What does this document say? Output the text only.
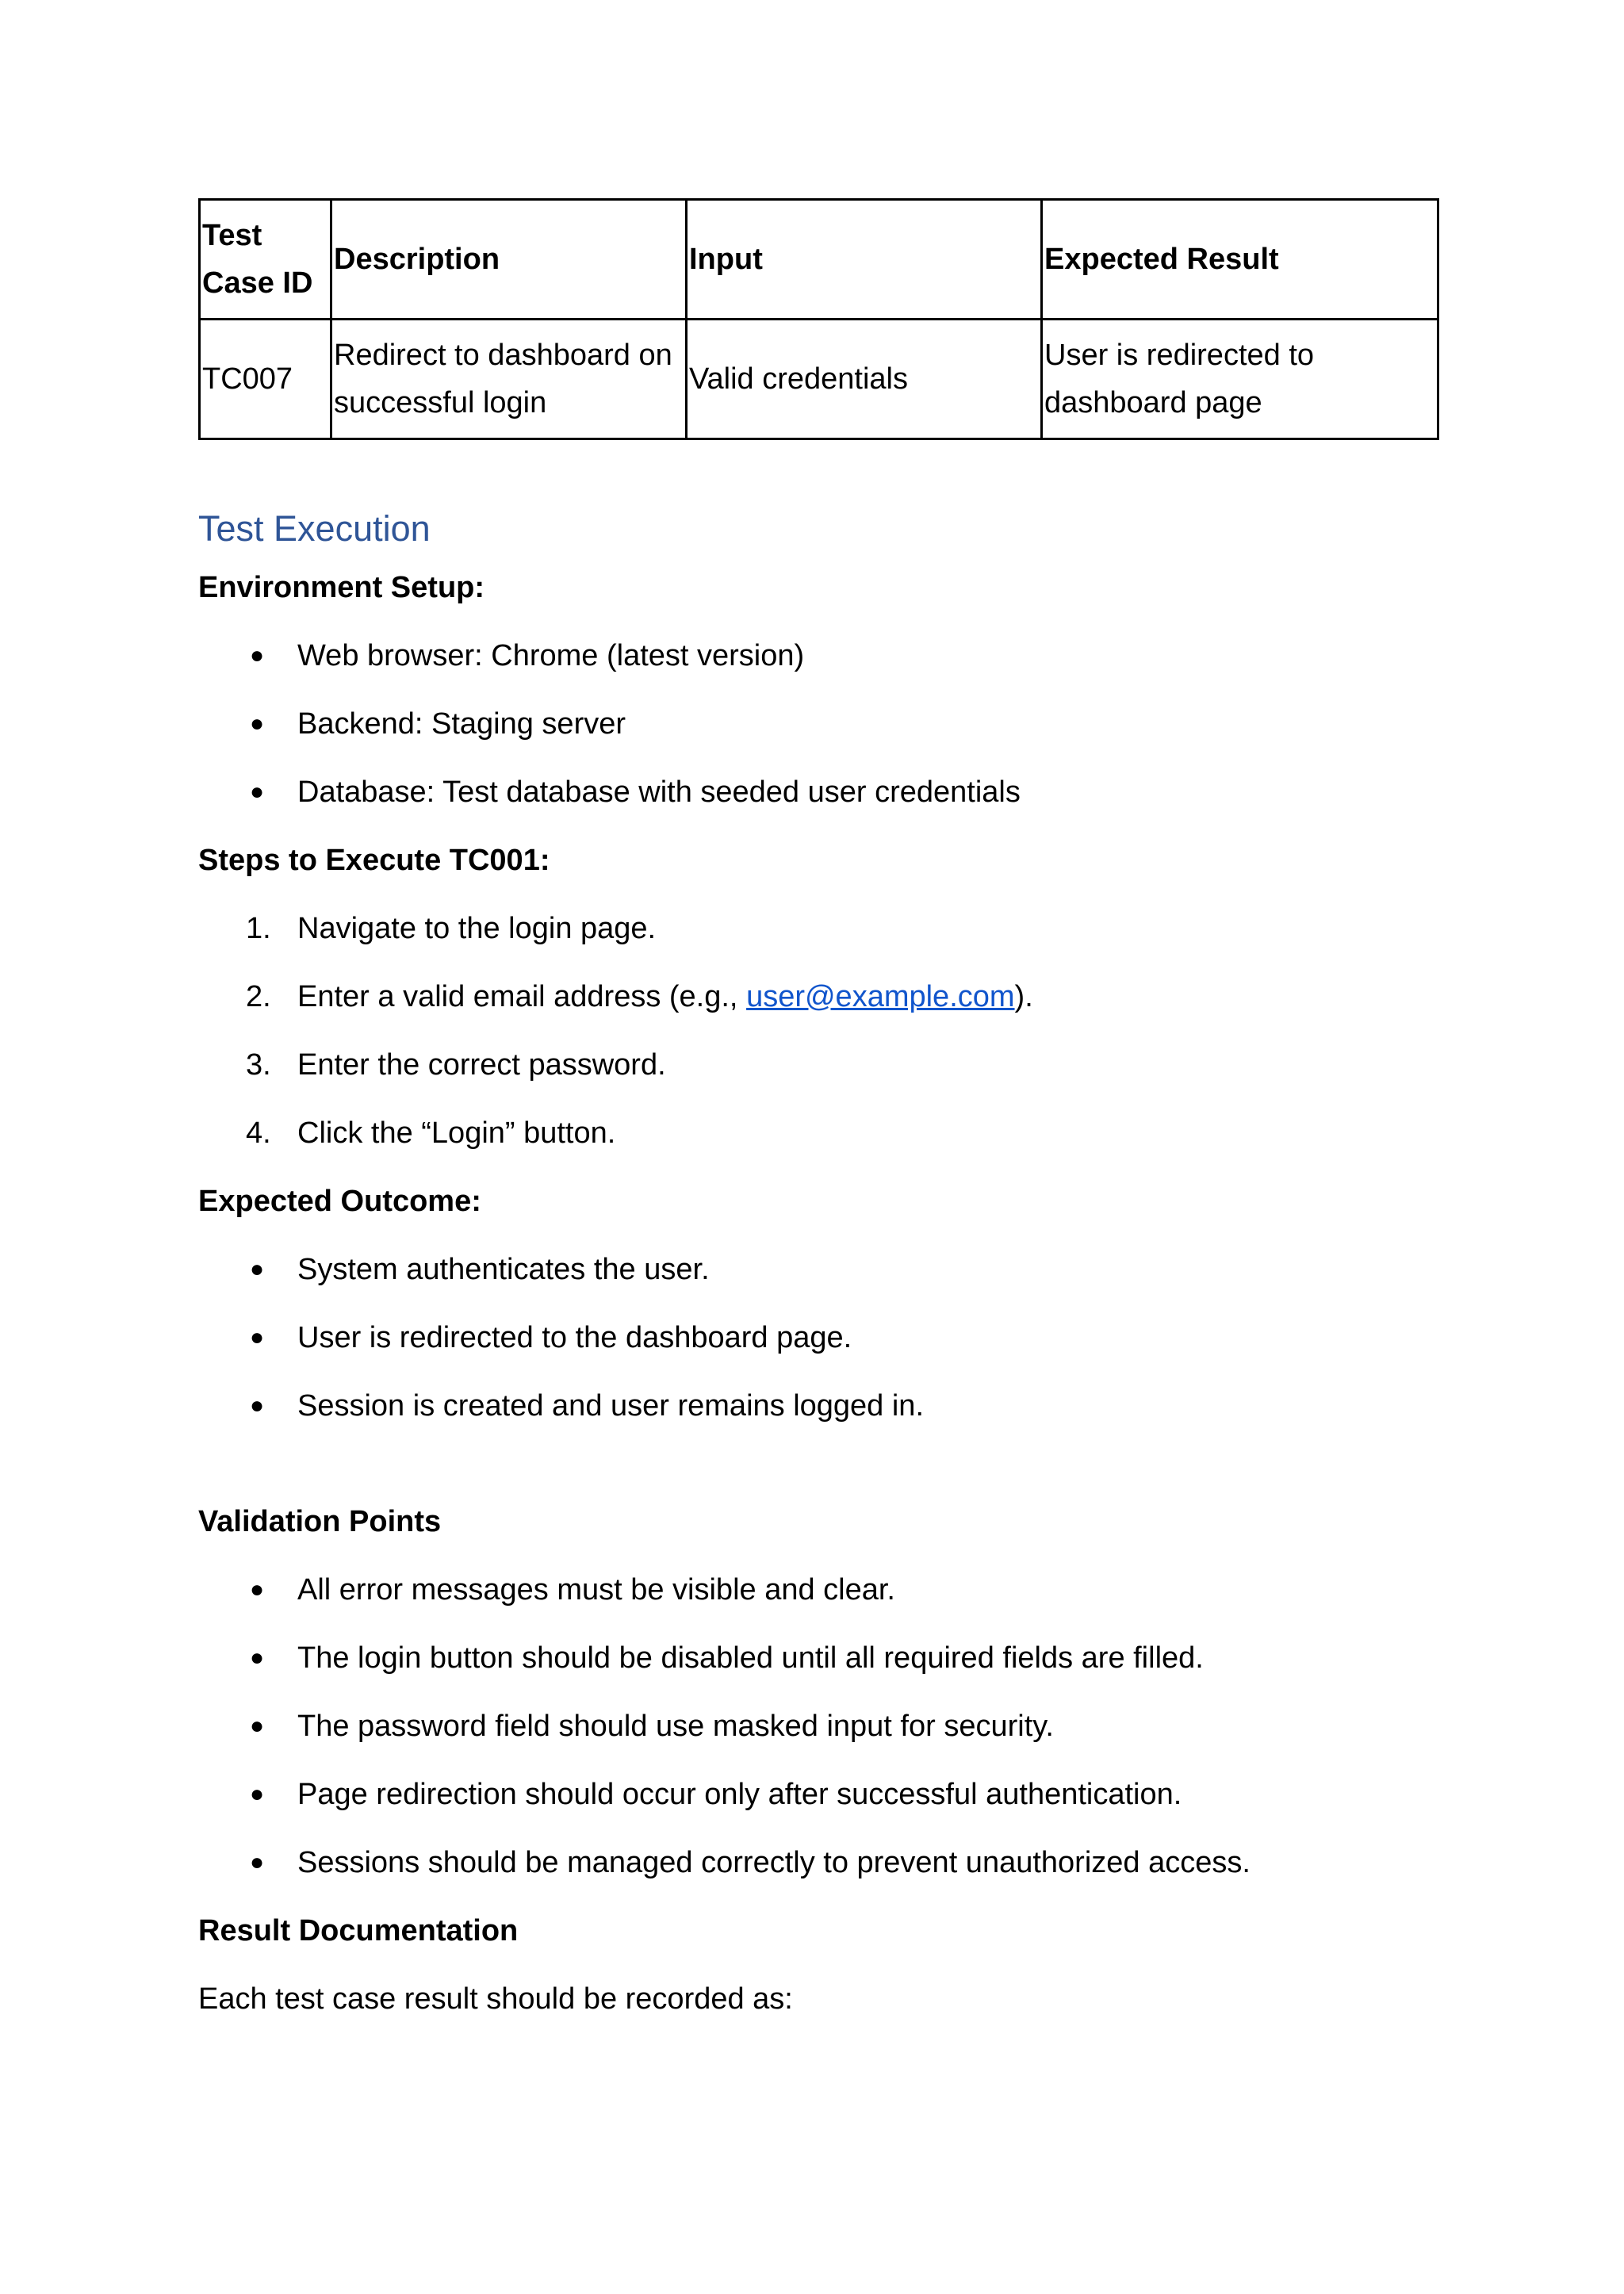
Test Case ID	Description	Input	Expected Result
TC007	Redirect to dashboard on successful login	Valid credentials	User is redirected to dashboard page
Test Execution

Environment Setup:

● Web browser: Chrome (latest version)
● Backend: Staging server
● Database: Test database with seeded user credentials

Steps to Execute TC001:

1. Navigate to the login page.
2. Enter a valid email address (e.g., user@example.com).
3. Enter the correct password.
4. Click the “Login” button.

Expected Outcome:

● System authenticates the user.
● User is redirected to the dashboard page.
● Session is created and user remains logged in.

Validation Points

● All error messages must be visible and clear.
● The login button should be disabled until all required fields are filled.
● The password field should use masked input for security.
● Page redirection should occur only after successful authentication.
● Sessions should be managed correctly to prevent unauthorized access.

Result Documentation

Each test case result should be recorded as:
